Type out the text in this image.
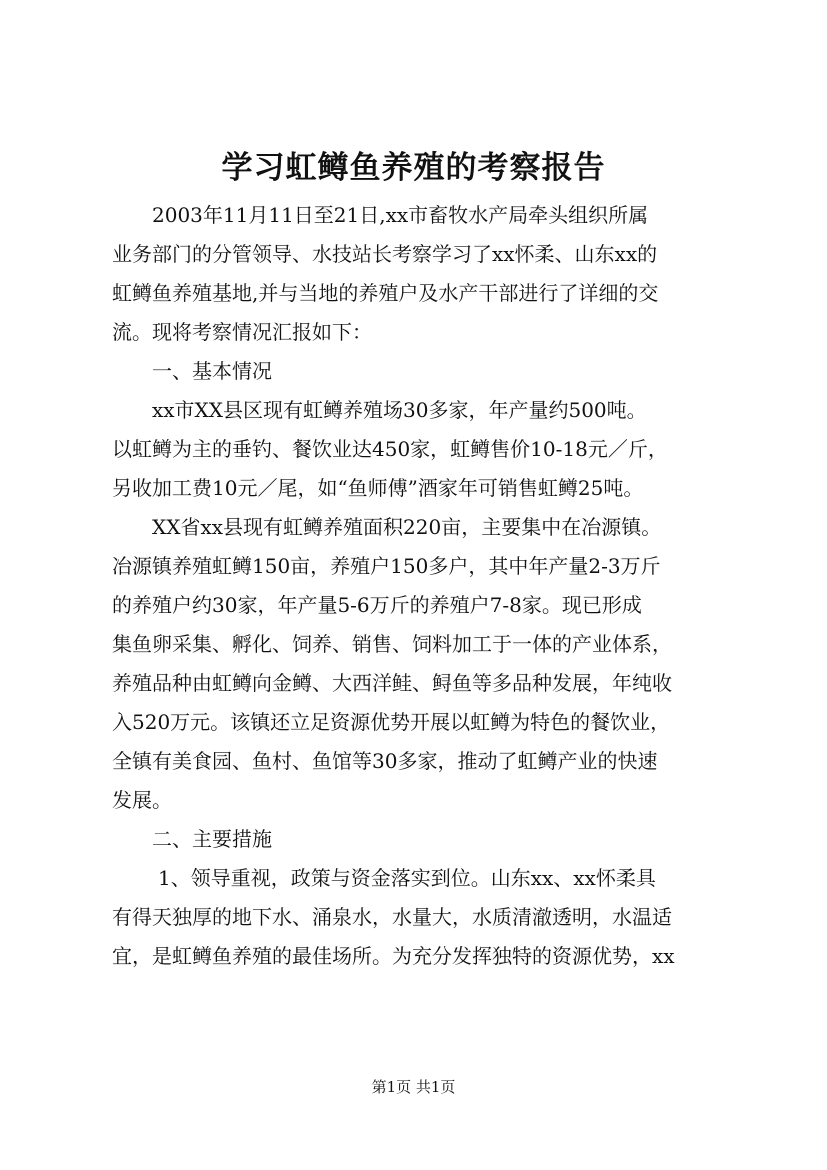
学习虹鳟鱼养殖的考察报告
2003年11月11日至21日,xx市畜牧水产局牵头组织所属
业务部门的分管领导、水技站长考察学习了xx怀柔、山东xx的
虹鳟鱼养殖基地,并与当地的养殖户及水产干部进行了详细的交
流。现将考察情况汇报如下：
一、基本情况
xx市XX县区现有虹鳟养殖场30多家，年产量约500吨。
以虹鳟为主的垂钓、餐饮业达450家，虹鳟售价10-18元／斤，
另收加工费10元／尾，如“鱼师傅”酒家年可销售虹鳟25吨。
XX省xx县现有虹鳟养殖面积220亩，主要集中在冶源镇。
冶源镇养殖虹鳟150亩，养殖户150多户，其中年产量2-3万斤
的养殖户约30家，年产量5-6万斤的养殖户7-8家。现已形成
集鱼卵采集、孵化、饲养、销售、饲料加工于一体的产业体系，
养殖品种由虹鳟向金鳟、大西洋鲑、鲟鱼等多品种发展，年纯收
入520万元。该镇还立足资源优势开展以虹鳟为特色的餐饮业，
全镇有美食园、鱼村、鱼馆等30多家，推动了虹鳟产业的快速
发展。
二、主要措施
1、领导重视，政策与资金落实到位。山东xx、xx怀柔具
有得天独厚的地下水、涌泉水，水量大，水质清澈透明，水温适
宜，是虹鳟鱼养殖的最佳场所。为充分发挥独特的资源优势，xx
第1页 共1页
